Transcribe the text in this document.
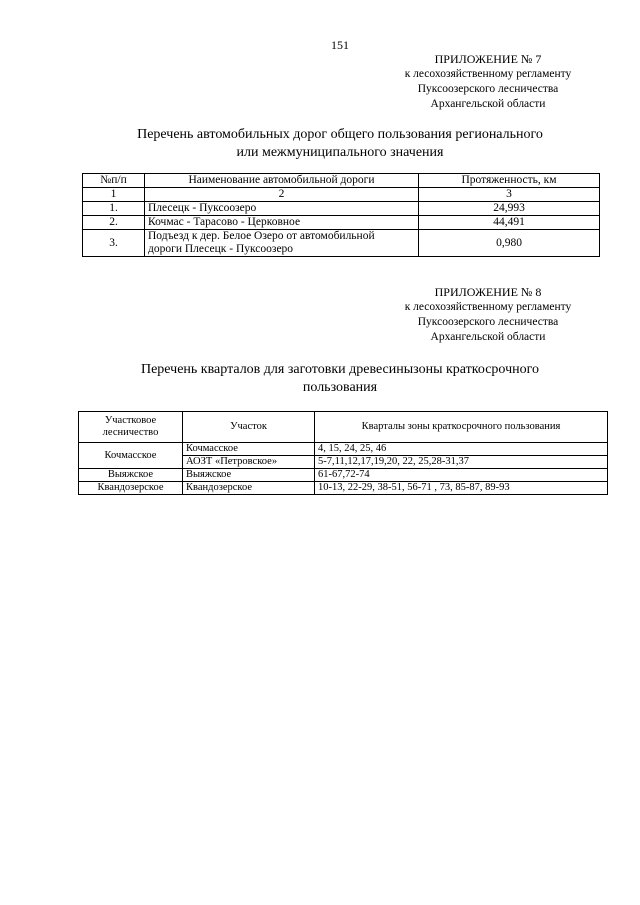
151
ПРИЛОЖЕНИЕ № 7
к лесохозяйственному регламенту
Пуксоозерского лесничества
Архангельской области
Перечень автомобильных дорог общего пользования регионального
или межмуниципального значения
№п/п	Наименование автомобильной дороги	Протяженность, км
1	2	3
1.	Плесецк - Пуксоозеро	24,993
2.	Кочмас - Тарасово - Церковное	44,491
3.	Подъезд к дер. Белое Озеро от автомобильной
дороги Плесецк - Пуксоозеро	0,980
ПРИЛОЖЕНИЕ № 8
к лесохозяйственному регламенту
Пуксоозерского лесничества
Архангельской области
Перечень кварталов для заготовки древесинызоны краткосрочного
пользования
Участковое
лесничество	Участок	Кварталы зоны краткосрочного пользования
Кочмасское	Кочмасское	4, 15, 24, 25, 46
	АОЗТ «Петровское»	5-7,11,12,17,19,20, 22, 25,28-31,37
Выяжское	Выяжское	61-67,72-74
Квандозерское	Квандозерское	10-13, 22-29, 38-51, 56-71 , 73, 85-87, 89-93
